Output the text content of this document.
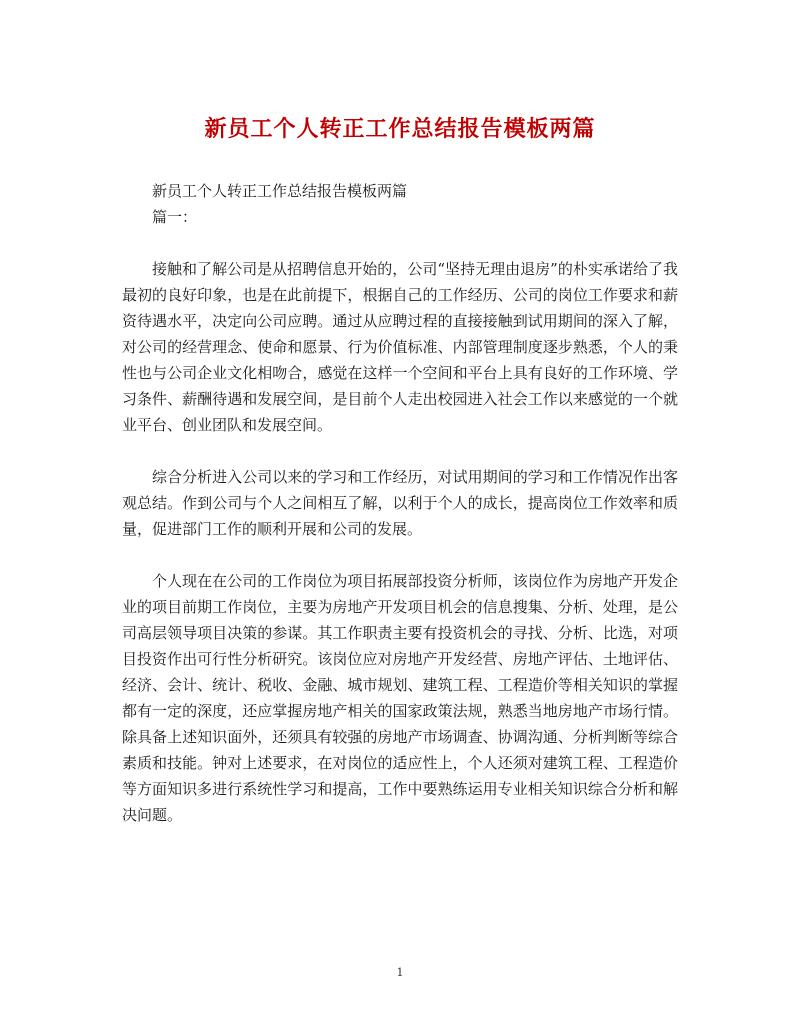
新员工个人转正工作总结报告模板两篇

新员工个人转正工作总结报告模板两篇

篇一：

接触和了解公司是从招聘信息开始的，公司“坚持无理由退房”的朴实承诺给了我最初的良好印象，也是在此前提下，根据自己的工作经历、公司的岗位工作要求和薪资待遇水平，决定向公司应聘。通过从应聘过程的直接接触到试用期间的深入了解，对公司的经营理念、使命和愿景、行为价值标准、内部管理制度逐步熟悉，个人的秉性也与公司企业文化相吻合，感觉在这样一个空间和平台上具有良好的工作环境、学习条件、薪酬待遇和发展空间，是目前个人走出校园进入社会工作以来感觉的一个就业平台、创业团队和发展空间。

综合分析进入公司以来的学习和工作经历，对试用期间的学习和工作情况作出客观总结。作到公司与个人之间相互了解，以利于个人的成长，提高岗位工作效率和质量，促进部门工作的顺利开展和公司的发展。

个人现在在公司的工作岗位为项目拓展部投资分析师，该岗位作为房地产开发企业的项目前期工作岗位，主要为房地产开发项目机会的信息搜集、分析、处理，是公司高层领导项目决策的参谋。其工作职责主要有投资机会的寻找、分析、比选，对项目投资作出可行性分析研究。该岗位应对房地产开发经营、房地产评估、土地评估、经济、会计、统计、税收、金融、城市规划、建筑工程、工程造价等相关知识的掌握都有一定的深度，还应掌握房地产相关的国家政策法规，熟悉当地房地产市场行情。除具备上述知识面外，还须具有较强的房地产市场调查、协调沟通、分析判断等综合素质和技能。钟对上述要求，在对岗位的适应性上，个人还须对建筑工程、工程造价等方面知识多进行系统性学习和提高，工作中要熟练运用专业相关知识综合分析和解决问题。

1
